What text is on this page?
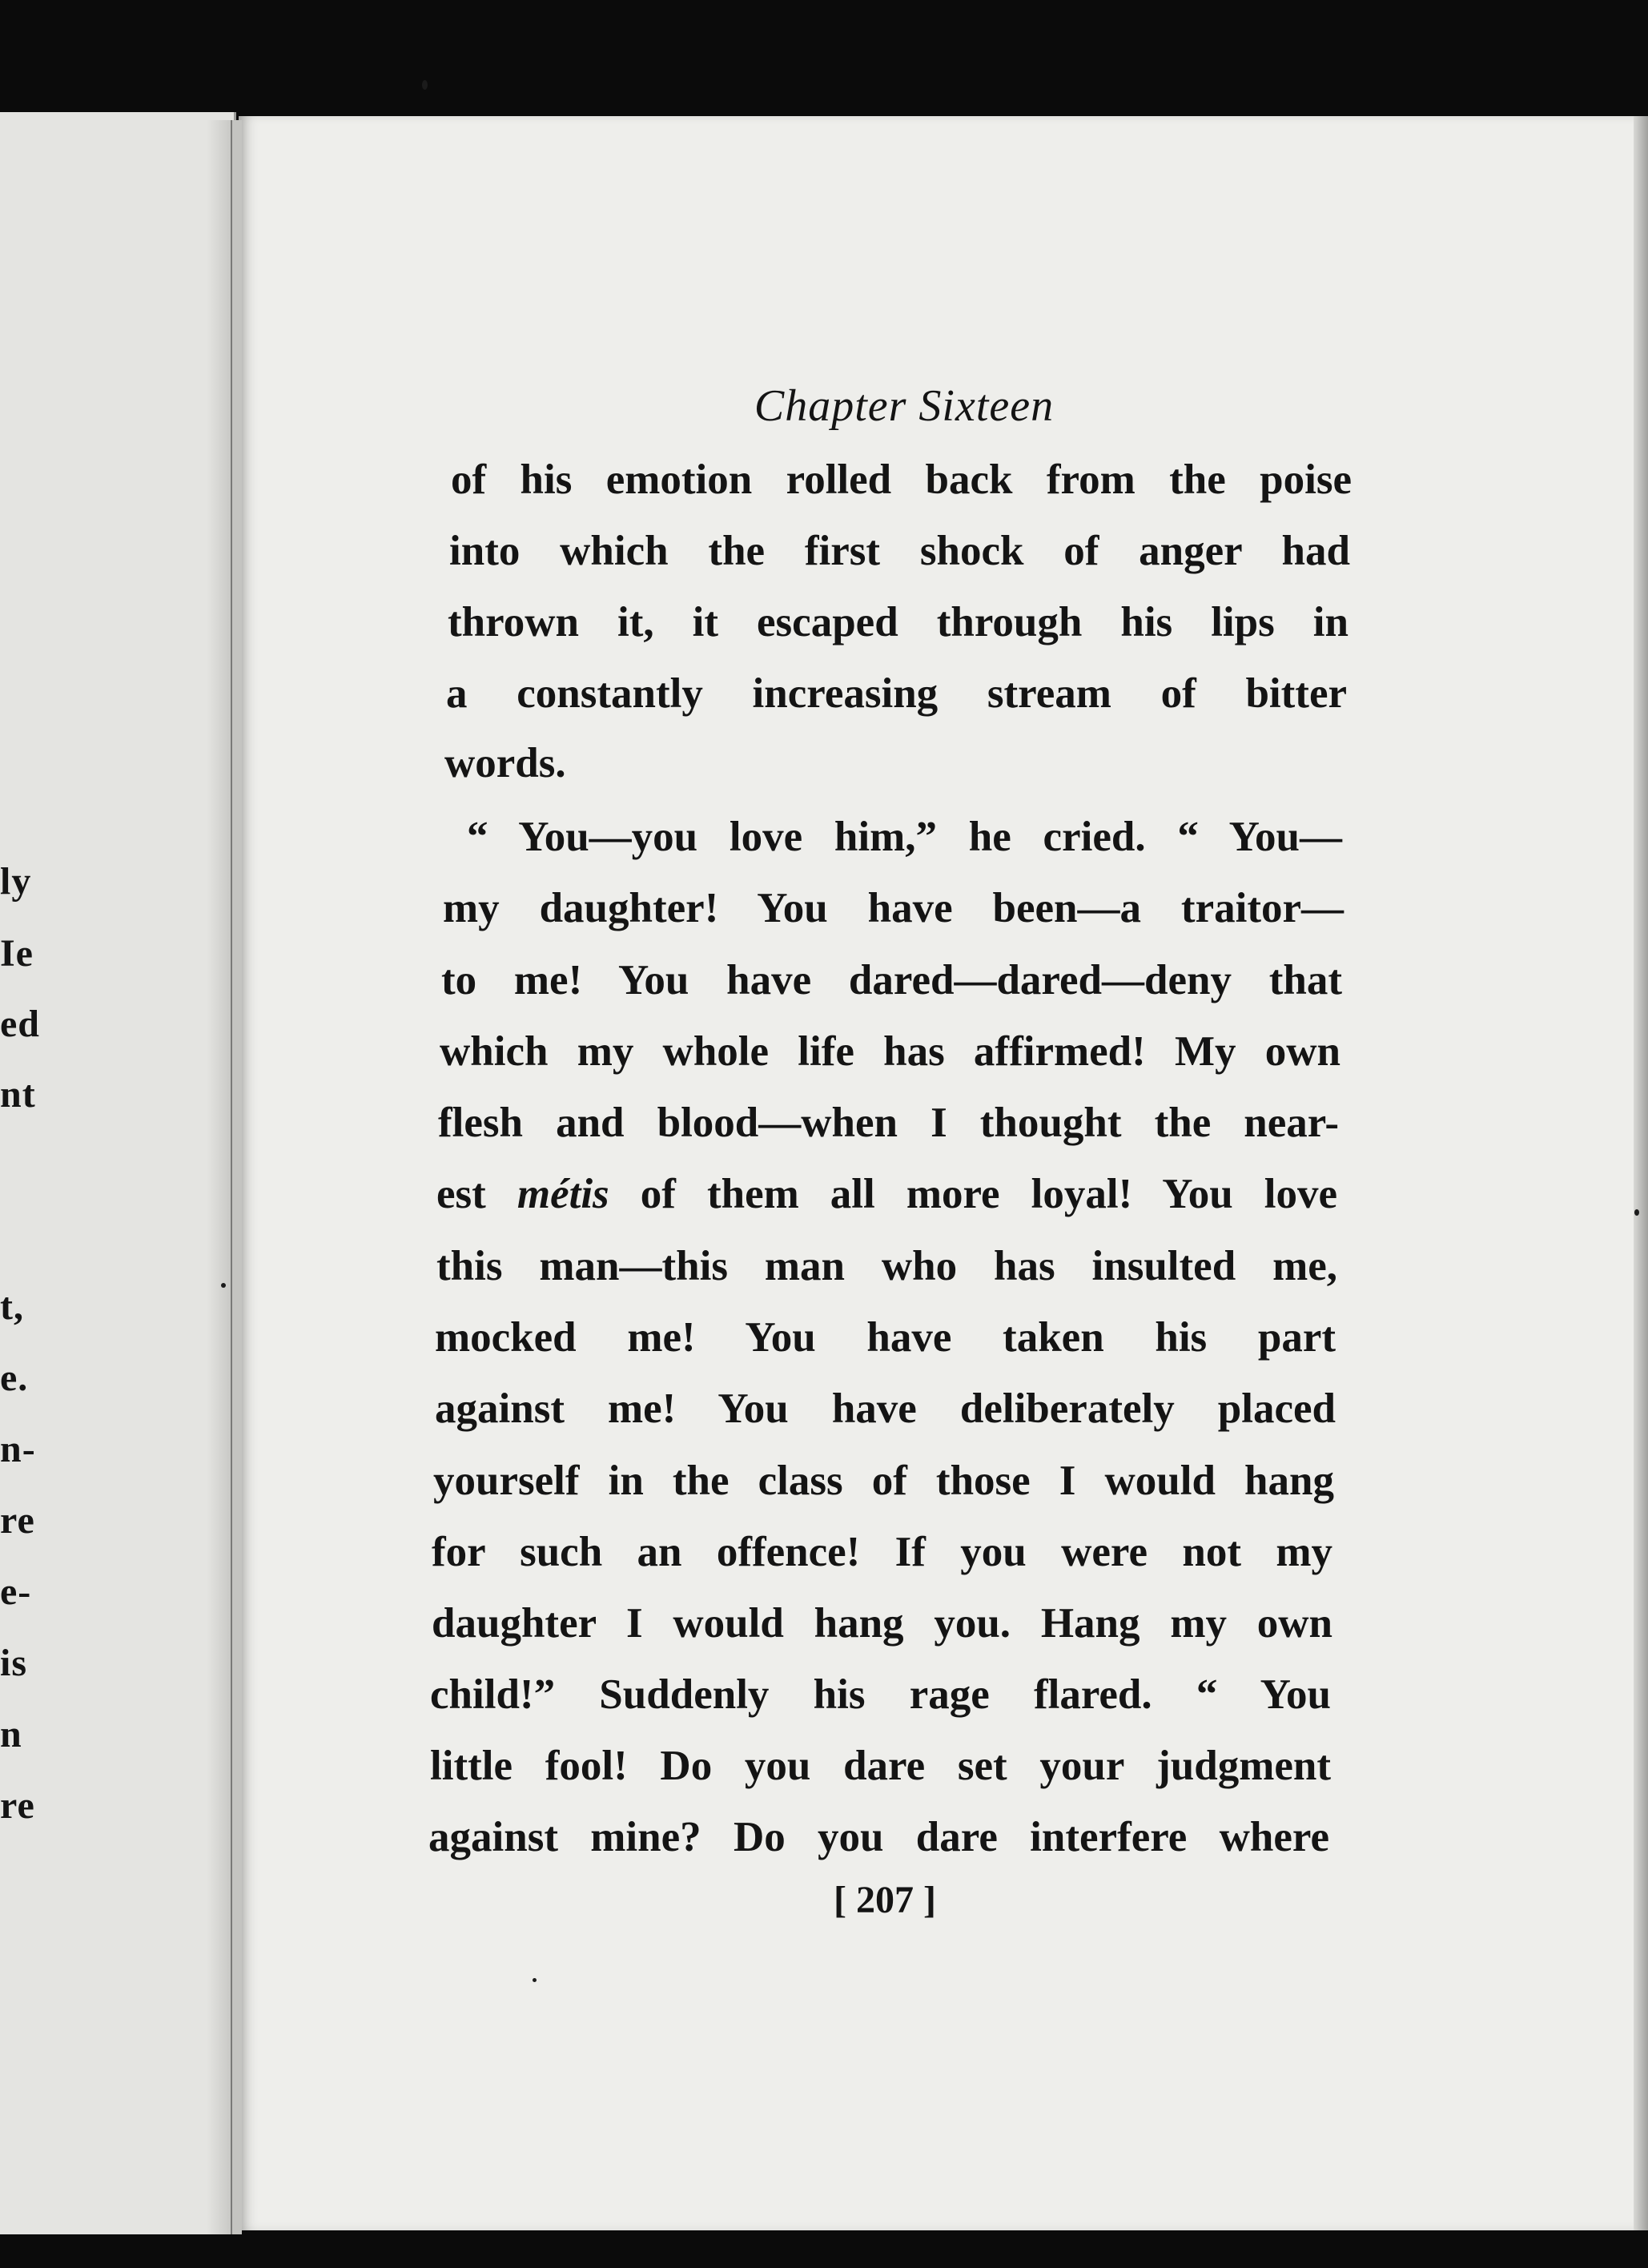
ly
Ie
ed
nt
t,
e.
n-
re
e-
is
n
re
Chapter Sixteen
of his emotion rolled back from the poise
into which the first shock of anger had
thrown it, it escaped through his lips in
a constantly increasing stream of bitter
words.
“ You—you love him,” he cried. “ You—
my daughter! You have been—a traitor—
to me! You have dared—dared—deny that
which my whole life has affirmed! My own
flesh and blood—when I thought the near-
est métis of them all more loyal! You love
this man—this man who has insulted me,
mocked me! You have taken his part
against me! You have deliberately placed
yourself in the class of those I would hang
for such an offence! If you were not my
daughter I would hang you. Hang my own
child!” Suddenly his rage flared. “ You
little fool! Do you dare set your judgment
against mine? Do you dare interfere where
[ 207 ]
